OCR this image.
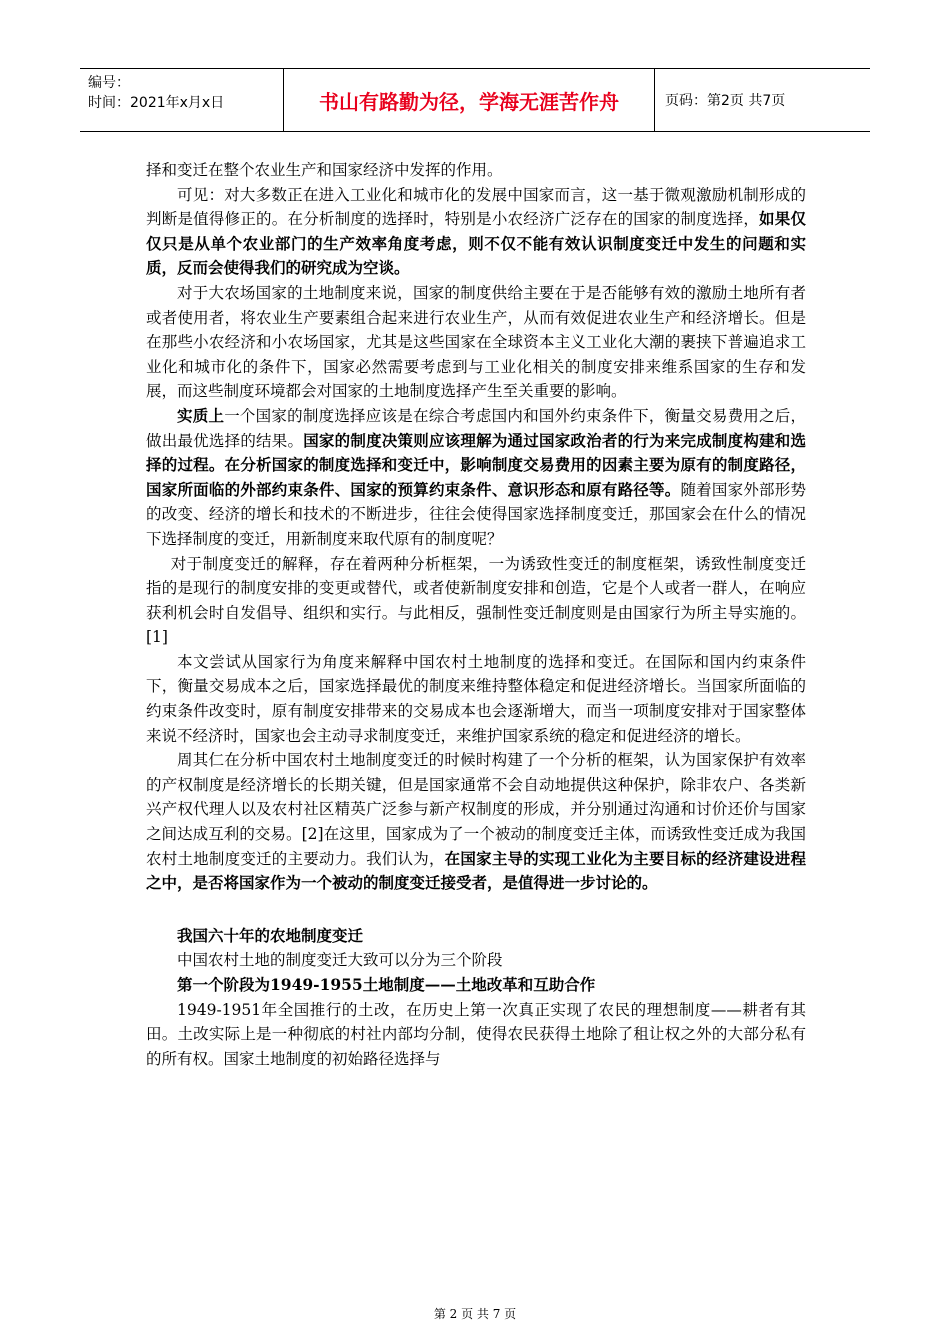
编号：
时间：2021年x月x日	书山有路勤为径，学海无涯苦作舟	页码：第2页 共7页

择和变迁在整个农业生产和国家经济中发挥的作用。

可见：对大多数正在进入工业化和城市化的发展中国家而言，这一基于微观激励机制形成的判断是值得修正的。在分析制度的选择时，特别是小农经济广泛存在的国家的制度选择，如果仅仅只是从单个农业部门的生产效率角度考虑，则不仅不能有效认识制度变迁中发生的问题和实质，反而会使得我们的研究成为空谈。

对于大农场国家的土地制度来说，国家的制度供给主要在于是否能够有效的激励土地所有者或者使用者，将农业生产要素组合起来进行农业生产，从而有效促进农业生产和经济增长。但是在那些小农经济和小农场国家，尤其是这些国家在全球资本主义工业化大潮的裹挟下普遍追求工业化和城市化的条件下，国家必然需要考虑到与工业化相关的制度安排来维系国家的生存和发展，而这些制度环境都会对国家的土地制度选择产生至关重要的影响。

实质上一个国家的制度选择应该是在综合考虑国内和国外约束条件下，衡量交易费用之后，做出最优选择的结果。国家的制度决策则应该理解为通过国家政治者的行为来完成制度构建和选择的过程。在分析国家的制度选择和变迁中，影响制度交易费用的因素主要为原有的制度路径，国家所面临的外部约束条件、国家的预算约束条件、意识形态和原有路径等。随着国家外部形势的改变、经济的增长和技术的不断进步，往往会使得国家选择制度变迁，那国家会在什么的情况下选择制度的变迁，用新制度来取代原有的制度呢？

对于制度变迁的解释，存在着两种分析框架，一为诱致性变迁的制度框架，诱致性制度变迁指的是现行的制度安排的变更或替代，或者使新制度安排和创造，它是个人或者一群人，在响应获利机会时自发倡导、组织和实行。与此相反，强制性变迁制度则是由国家行为所主导实施的。[1]

本文尝试从国家行为角度来解释中国农村土地制度的选择和变迁。在国际和国内约束条件下，衡量交易成本之后，国家选择最优的制度来维持整体稳定和促进经济增长。当国家所面临的约束条件改变时，原有制度安排带来的交易成本也会逐渐增大，而当一项制度安排对于国家整体来说不经济时，国家也会主动寻求制度变迁，来维护国家系统的稳定和促进经济的增长。

周其仁在分析中国农村土地制度变迁的时候时构建了一个分析的框架，认为国家保护有效率的产权制度是经济增长的长期关键，但是国家通常不会自动地提供这种保护，除非农户、各类新兴产权代理人以及农村社区精英广泛参与新产权制度的形成，并分别通过沟通和讨价还价与国家之间达成互利的交易。[2]在这里，国家成为了一个被动的制度变迁主体，而诱致性变迁成为我国农村土地制度变迁的主要动力。我们认为，在国家主导的实现工业化为主要目标的经济建设进程之中，是否将国家作为一个被动的制度变迁接受者，是值得进一步讨论的。

我国六十年的农地制度变迁

中国农村土地的制度变迁大致可以分为三个阶段

第一个阶段为1949-1955土地制度——土地改革和互助合作

1949-1951年全国推行的土改，在历史上第一次真正实现了农民的理想制度——耕者有其田。土改实际上是一种彻底的村社内部均分制，使得农民获得土地除了租让权之外的大部分私有的所有权。国家土地制度的初始路径选择与

第 2 页 共 7 页
